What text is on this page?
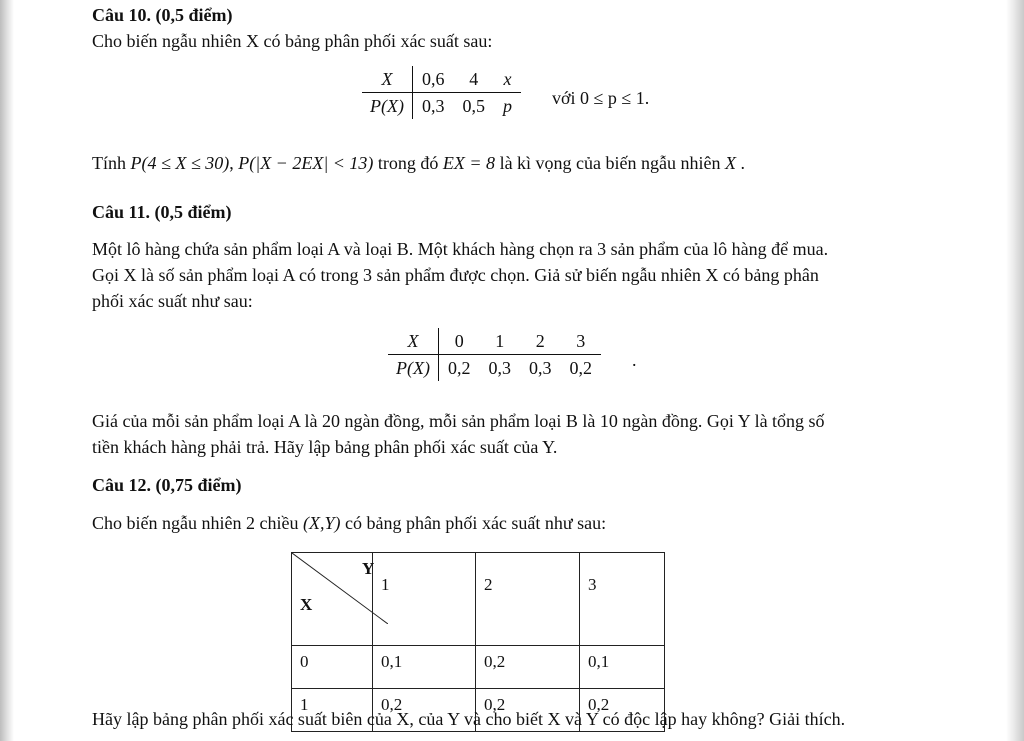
Câu 10. (0,5 điểm)
Cho biến ngẫu nhiên X có bảng phân phối xác suất sau:
X	0,6	4	x
P(X)	0,3	0,5	p với 0 ≤ p ≤ 1.
Tính P(4 ≤ X ≤ 30), P(|X − 2EX| < 13) trong đó EX = 8 là kì vọng của biến ngẫu nhiên X .
Câu 11. (0,5 điểm)
Một lô hàng chứa sản phẩm loại A và loại B. Một khách hàng chọn ra 3 sản phẩm của lô hàng để mua.
Gọi X là số sản phẩm loại A có trong 3 sản phẩm được chọn. Giả sử biến ngẫu nhiên X có bảng phân
phối xác suất như sau:
X	0	1	2	3
P(X)	0,2	0,3	0,3	0,2 .
Giá của mỗi sản phẩm loại A là 20 ngàn đồng, mỗi sản phẩm loại B là 10 ngàn đồng. Gọi Y là tổng số
tiền khách hàng phải trả. Hãy lập bảng phân phối xác suất của Y.
Câu 12. (0,75 điểm)
Cho biến ngẫu nhiên 2 chiều (X,Y) có bảng phân phối xác suất như sau:
Y
X	1	2	3
0	0,1	0,2	0,1
1	0,2	0,2	0,2
Hãy lập bảng phân phối xác suất biên của X, của Y và cho biết X và Y có độc lập hay không? Giải thích.
